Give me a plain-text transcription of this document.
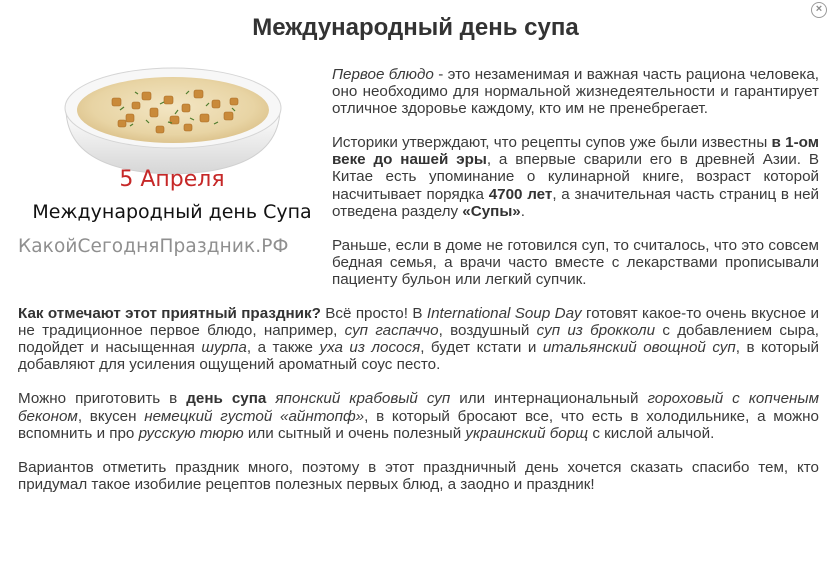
×
Международный день супа
5 Апреля
Международный день Супа
КакойСегодняПраздник.РФ

Первое блюдо - это незаменимая и важная часть рациона человека, оно необходимо для нормальной жизнедеятельности и гарантирует отличное здоровье каждому, кто им не пренебрегает.

Историки утверждают, что рецепты супов уже были известны в 1-ом веке до нашей эры, а впервые сварили его в древней Азии. В Китае есть упоминание о кулинарной книге, возраст которой насчитывает порядка 4700 лет, а значительная часть страниц в ней отведена разделу «Супы».

Раньше, если в доме не готовился суп, то считалось, что это совсем бедная семья, а врачи часто вместе с лекарствами прописывали пациенту бульон или легкий супчик.

Как отмечают этот приятный праздник? Всё просто! В International Soup Day готовят какое-то очень вкусное и не традиционное первое блюдо, например, суп гаспаччо, воздушный суп из брокколи с добавлением сыра, подойдет и насыщенная шурпа, а также уха из лосося, будет кстати и итальянский овощной суп, в который добавляют для усиления ощущений ароматный соус песто.

Можно приготовить в день супа японский крабовый суп или интернациональный гороховый с копченым беконом, вкусен немецкий густой «айнтопф», в который бросают все, что есть в холодильнике, а можно вспомнить и про русскую тюрю или сытный и очень полезный украинский борщ с кислой алычой.

Вариантов отметить праздник много, поэтому в этот праздничный день хочется сказать спасибо тем, кто придумал такое изобилие рецептов полезных первых блюд, а заодно и праздник!
